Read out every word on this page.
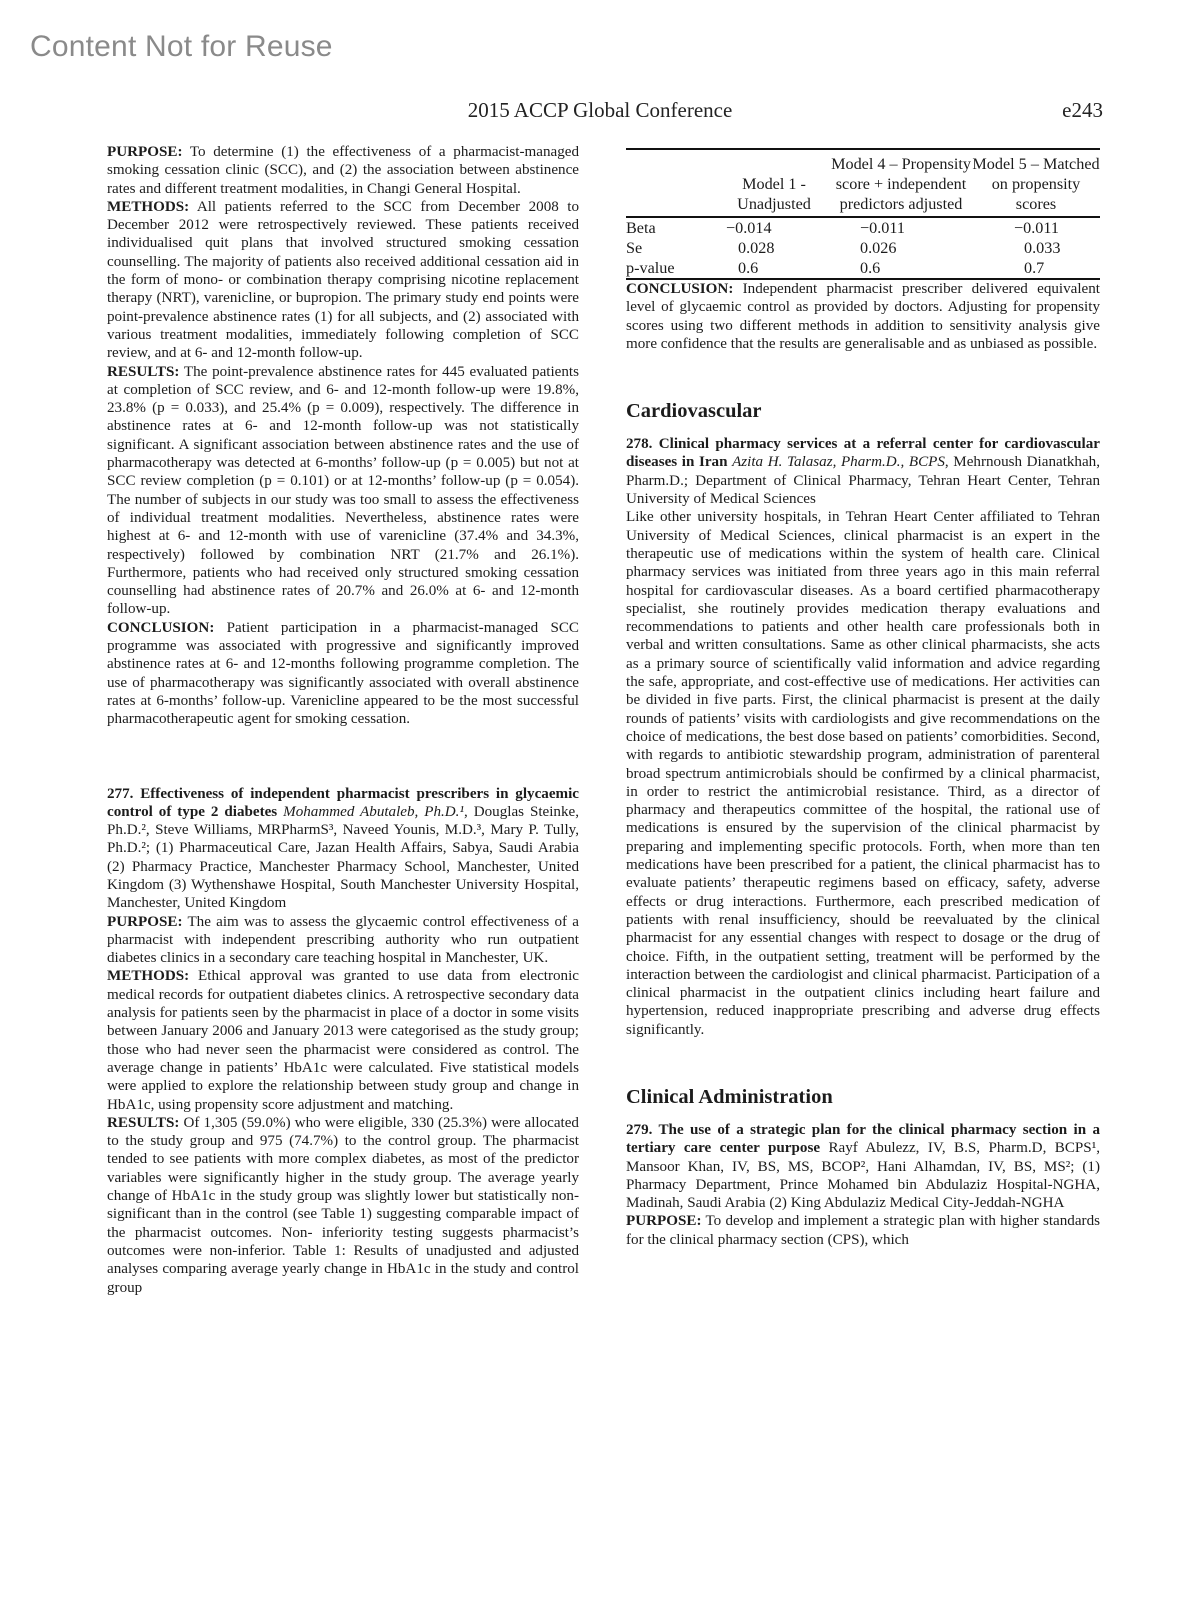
Content Not for Reuse
2015 ACCP Global Conference	e243

PURPOSE: To determine (1) the effectiveness of a pharmacist-managed smoking cessation clinic (SCC), and (2) the association between abstinence rates and different treatment modalities, in Changi General Hospital.

METHODS: All patients referred to the SCC from December 2008 to December 2012 were retrospectively reviewed. These patients received individualised quit plans that involved structured smoking cessation counselling. The majority of patients also received additional cessation aid in the form of mono- or combination therapy comprising nicotine replacement therapy (NRT), varenicline, or bupropion. The primary study end points were point-prevalence abstinence rates (1) for all subjects, and (2) associated with various treatment modalities, immediately following completion of SCC review, and at 6- and 12-month follow-up.

RESULTS: The point-prevalence abstinence rates for 445 evaluated patients at completion of SCC review, and 6- and 12-month follow-up were 19.8%, 23.8% (p = 0.033), and 25.4% (p = 0.009), respectively. The difference in abstinence rates at 6- and 12-month follow-up was not statistically significant. A significant association between abstinence rates and the use of pharmacotherapy was detected at 6-months’ follow-up (p = 0.005) but not at SCC review completion (p = 0.101) or at 12-months’ follow-up (p = 0.054). The number of subjects in our study was too small to assess the effectiveness of individual treatment modalities. Nevertheless, abstinence rates were highest at 6- and 12-month with use of varenicline (37.4% and 34.3%, respectively) followed by combination NRT (21.7% and 26.1%). Furthermore, patients who had received only structured smoking cessation counselling had abstinence rates of 20.7% and 26.0% at 6- and 12-month follow-up.

CONCLUSION: Patient participation in a pharmacist-managed SCC programme was associated with progressive and significantly improved abstinence rates at 6- and 12-months following programme completion. The use of pharmacotherapy was significantly associated with overall abstinence rates at 6-months’ follow-up. Varenicline appeared to be the most successful pharmacotherapeutic agent for smoking cessation.

277. Effectiveness of independent pharmacist prescribers in glycaemic control of type 2 diabetes Mohammed Abutaleb, Ph.D.¹, Douglas Steinke, Ph.D.², Steve Williams, MRPharmS³, Naveed Younis, M.D.³, Mary P. Tully, Ph.D.²; (1) Pharmaceutical Care, Jazan Health Affairs, Sabya, Saudi Arabia (2) Pharmacy Practice, Manchester Pharmacy School, Manchester, United Kingdom (3) Wythenshawe Hospital, South Manchester University Hospital, Manchester, United Kingdom

PURPOSE: The aim was to assess the glycaemic control effectiveness of a pharmacist with independent prescribing authority who run outpatient diabetes clinics in a secondary care teaching hospital in Manchester, UK.

METHODS: Ethical approval was granted to use data from electronic medical records for outpatient diabetes clinics. A retrospective secondary data analysis for patients seen by the pharmacist in place of a doctor in some visits between January 2006 and January 2013 were categorised as the study group; those who had never seen the pharmacist were considered as control. The average change in patients’ HbA1c were calculated. Five statistical models were applied to explore the relationship between study group and change in HbA1c, using propensity score adjustment and matching.

RESULTS: Of 1,305 (59.0%) who were eligible, 330 (25.3%) were allocated to the study group and 975 (74.7%) to the control group. The pharmacist tended to see patients with more complex diabetes, as most of the predictor variables were significantly higher in the study group. The average yearly change of HbA1c in the study group was slightly lower but statistically non-significant than in the control (see Table 1) suggesting comparable impact of the pharmacist outcomes. Non- inferiority testing suggests pharmacist’s outcomes were non-inferior. Table 1: Results of unadjusted and adjusted analyses comparing average yearly change in HbA1c in the study and control group

	Model 1 - Unadjusted	Model 4 – Propensity score + independent predictors adjusted	Model 5 – Matched on propensity scores
Beta	−0.014	−0.011	−0.011
Se	0.028	0.026	0.033
p-value	0.6	0.6	0.7

CONCLUSION: Independent pharmacist prescriber delivered equivalent level of glycaemic control as provided by doctors. Adjusting for propensity scores using two different methods in addition to sensitivity analysis give more confidence that the results are generalisable and as unbiased as possible.

Cardiovascular

278. Clinical pharmacy services at a referral center for cardiovascular diseases in Iran Azita H. Talasaz, Pharm.D., BCPS, Mehrnoush Dianatkhah, Pharm.D.; Department of Clinical Pharmacy, Tehran Heart Center, Tehran University of Medical Sciences

Like other university hospitals, in Tehran Heart Center affiliated to Tehran University of Medical Sciences, clinical pharmacist is an expert in the therapeutic use of medications within the system of health care. Clinical pharmacy services was initiated from three years ago in this main referral hospital for cardiovascular diseases. As a board certified pharmacotherapy specialist, she routinely provides medication therapy evaluations and recommendations to patients and other health care professionals both in verbal and written consultations. Same as other clinical pharmacists, she acts as a primary source of scientifically valid information and advice regarding the safe, appropriate, and cost-effective use of medications. Her activities can be divided in five parts. First, the clinical pharmacist is present at the daily rounds of patients’ visits with cardiologists and give recommendations on the choice of medications, the best dose based on patients’ comorbidities. Second, with regards to antibiotic stewardship program, administration of parenteral broad spectrum antimicrobials should be confirmed by a clinical pharmacist, in order to restrict the antimicrobial resistance. Third, as a director of pharmacy and therapeutics committee of the hospital, the rational use of medications is ensured by the supervision of the clinical pharmacist by preparing and implementing specific protocols. Forth, when more than ten medications have been prescribed for a patient, the clinical pharmacist has to evaluate patients’ therapeutic regimens based on efficacy, safety, adverse effects or drug interactions. Furthermore, each prescribed medication of patients with renal insufficiency, should be reevaluated by the clinical pharmacist for any essential changes with respect to dosage or the drug of choice. Fifth, in the outpatient setting, treatment will be performed by the interaction between the cardiologist and clinical pharmacist. Participation of a clinical pharmacist in the outpatient clinics including heart failure and hypertension, reduced inappropriate prescribing and adverse drug effects significantly.

Clinical Administration

279. The use of a strategic plan for the clinical pharmacy section in a tertiary care center purpose Rayf Abulezz, IV, B.S, Pharm.D, BCPS¹, Mansoor Khan, IV, BS, MS, BCOP², Hani Alhamdan, IV, BS, MS²; (1) Pharmacy Department, Prince Mohamed bin Abdulaziz Hospital-NGHA, Madinah, Saudi Arabia (2) King Abdulaziz Medical City-Jeddah-NGHA

PURPOSE: To develop and implement a strategic plan with higher standards for the clinical pharmacy section (CPS), which
